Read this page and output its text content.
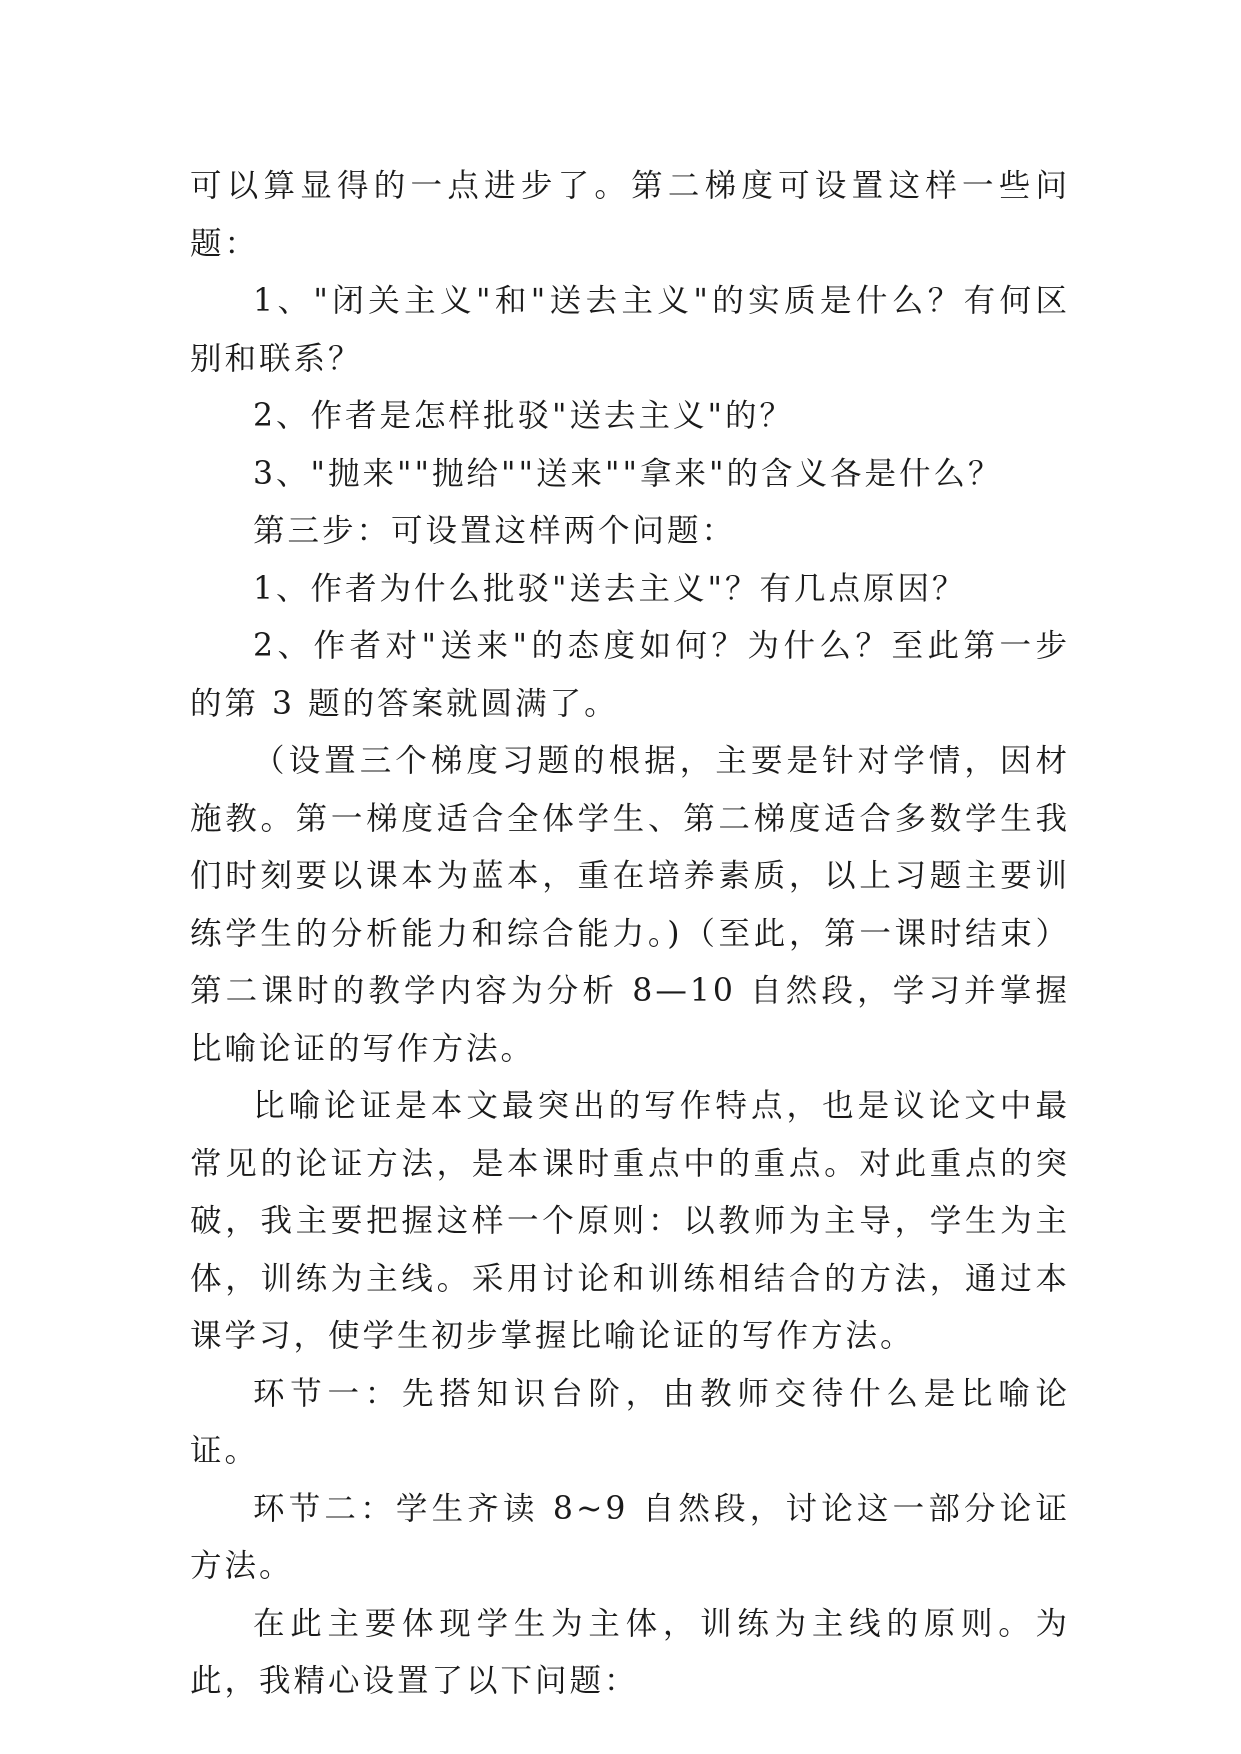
可以算显得的一点进步了。第二梯度可设置这样一些问题：

1、"闭关主义"和"送去主义"的实质是什么？有何区别和联系？

2、作者是怎样批驳"送去主义"的？

3、"抛来""抛给""送来""拿来"的含义各是什么？

第三步：可设置这样两个问题：

1、作者为什么批驳"送去主义"？有几点原因？

2、作者对"送来"的态度如何？为什么？至此第一步的第 3 题的答案就圆满了。

（设置三个梯度习题的根据，主要是针对学情，因材施教。第一梯度适合全体学生、第二梯度适合多数学生我们时刻要以课本为蓝本，重在培养素质，以上习题主要训练学生的分析能力和综合能力。)（至此，第一课时结束）第二课时的教学内容为分析 8—10 自然段，学习并掌握比喻论证的写作方法。

比喻论证是本文最突出的写作特点，也是议论文中最常见的论证方法，是本课时重点中的重点。对此重点的突破，我主要把握这样一个原则：以教师为主导，学生为主体，训练为主线。采用讨论和训练相结合的方法，通过本课学习，使学生初步掌握比喻论证的写作方法。

环节一：先搭知识台阶，由教师交待什么是比喻论证。

环节二：学生齐读 8~9 自然段，讨论这一部分论证方法。

在此主要体现学生为主体，训练为主线的原则。为此，我精心设置了以下问题：
